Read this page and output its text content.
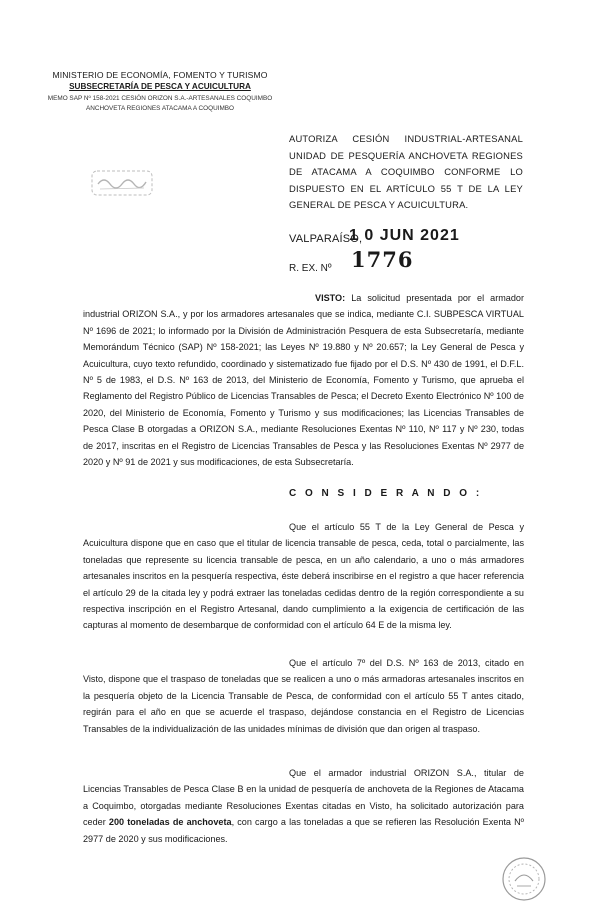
MINISTERIO DE ECONOMÍA, FOMENTO Y TURISMO
SUBSECRETARÍA DE PESCA Y ACUICULTURA
MEMO SAP Nº 158-2021 CESIÓN ORIZON S.A.-ARTESANALES COQUIMBO
ANCHOVETA REGIONES ATACAMA A COQUIMBO
AUTORIZA CESIÓN INDUSTRIAL-ARTESANAL UNIDAD DE PESQUERÍA ANCHOVETA REGIONES DE ATACAMA A COQUIMBO CONFORME LO DISPUESTO EN EL ARTÍCULO 55 T DE LA LEY GENERAL DE PESCA Y ACUICULTURA.
VALPARAÍSO,
1 0 JUN 2021
R. EX. Nº 1776
VISTO: La solicitud presentada por el armador industrial ORIZON S.A., y por los armadores artesanales que se indica, mediante C.I. SUBPESCA VIRTUAL Nº 1696 de 2021; lo informado por la División de Administración Pesquera de esta Subsecretaría, mediante Memorándum Técnico (SAP) Nº 158-2021; las Leyes Nº 19.880 y Nº 20.657; la Ley General de Pesca y Acuicultura, cuyo texto refundido, coordinado y sistematizado fue fijado por el D.S. Nº 430 de 1991, el D.F.L. Nº 5 de 1983, el D.S. Nº 163 de 2013, del Ministerio de Economía, Fomento y Turismo, que aprueba el Reglamento del Registro Público de Licencias Transables de Pesca; el Decreto Exento Electrónico Nº 100 de 2020, del Ministerio de Economía, Fomento y Turismo y sus modificaciones; las Licencias Transables de Pesca Clase B otorgadas a ORIZON S.A., mediante Resoluciones Exentas Nº 110, Nº 117 y Nº 230, todas de 2017, inscritas en el Registro de Licencias Transables de Pesca y las Resoluciones Exentas Nº 2977 de 2020 y Nº 91 de 2021 y sus modificaciones, de esta Subsecretaría.
C O N S I D E R A N D O :
Que el artículo 55 T de la Ley General de Pesca y Acuicultura dispone que en caso que el titular de licencia transable de pesca, ceda, total o parcialmente, las toneladas que represente su licencia transable de pesca, en un año calendario, a uno o más armadores artesanales inscritos en la pesquería respectiva, éste deberá inscribirse en el registro a que hacer referencia el artículo 29 de la citada ley y podrá extraer las toneladas cedidas dentro de la región correspondiente a su respectiva inscripción en el Registro Artesanal, dando cumplimiento a la exigencia de certificación de las capturas al momento de desembarque de conformidad con el artículo 64 E de la misma ley.
Que el artículo 7º del D.S. Nº 163 de 2013, citado en Visto, dispone que el traspaso de toneladas que se realicen a uno o más armadoras artesanales inscritos en la pesquería objeto de la Licencia Transable de Pesca, de conformidad con el artículo 55 T antes citado, regirán para el año en que se acuerde el traspaso, dejándose constancia en el Registro de Licencias Transables de la individualización de las unidades mínimas de división que dan origen al traspaso.
Que el armador industrial ORIZON S.A., titular de Licencias Transables de Pesca Clase B en la unidad de pesquería de anchoveta de la Regiones de Atacama a Coquimbo, otorgadas mediante Resoluciones Exentas citadas en Visto, ha solicitado autorización para ceder 200 toneladas de anchoveta, con cargo a las toneladas a que se refieren las Resolución Exenta Nº 2977 de 2020 y sus modificaciones.
